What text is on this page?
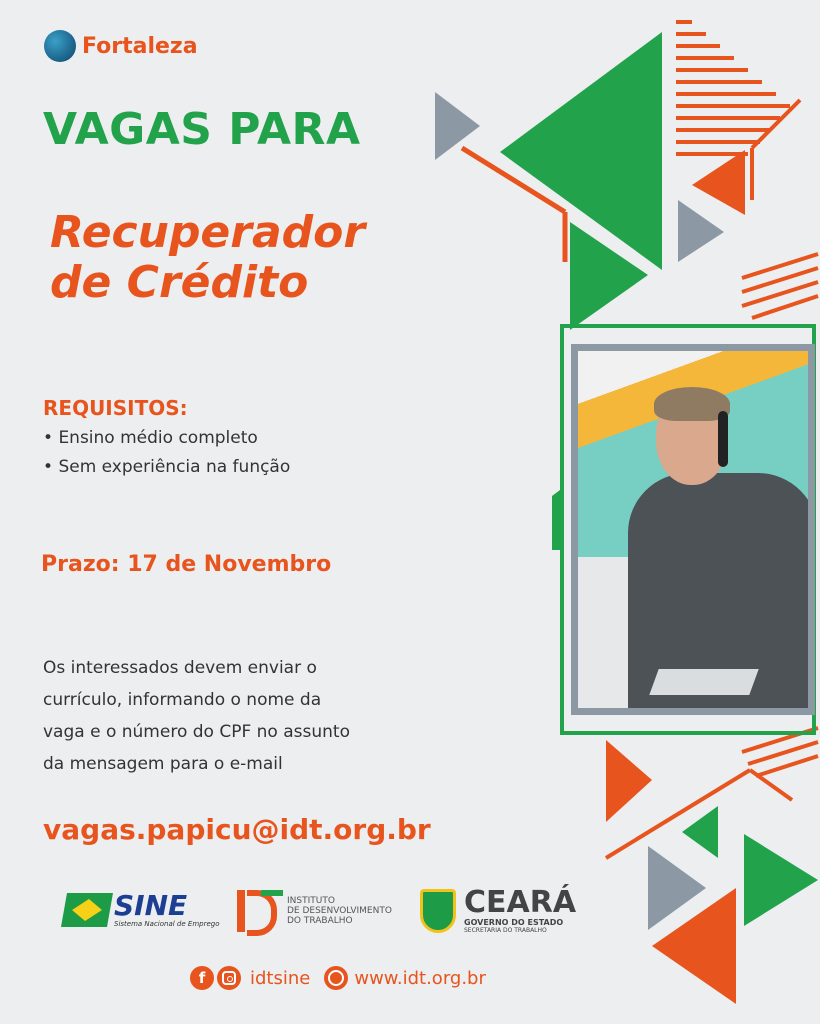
Fortaleza
VAGAS PARA
Recuperador
de Crédito
REQUISITOS:
• Ensino médio completo
• Sem experiência na função
Prazo: 17 de Novembro
Os interessados devem enviar o
currículo, informando o nome da
vaga e o número do CPF no assunto
da mensagem para o e-mail
vagas.papicu@idt.org.br
SINE
Sistema Nacional de Emprego
INSTITUTO
DE DESENVOLVIMENTO
DO TRABALHO
CEARÁ
GOVERNO DO ESTADO
SECRETARIA DO TRABALHO
f	idtsine www.idt.org.br
